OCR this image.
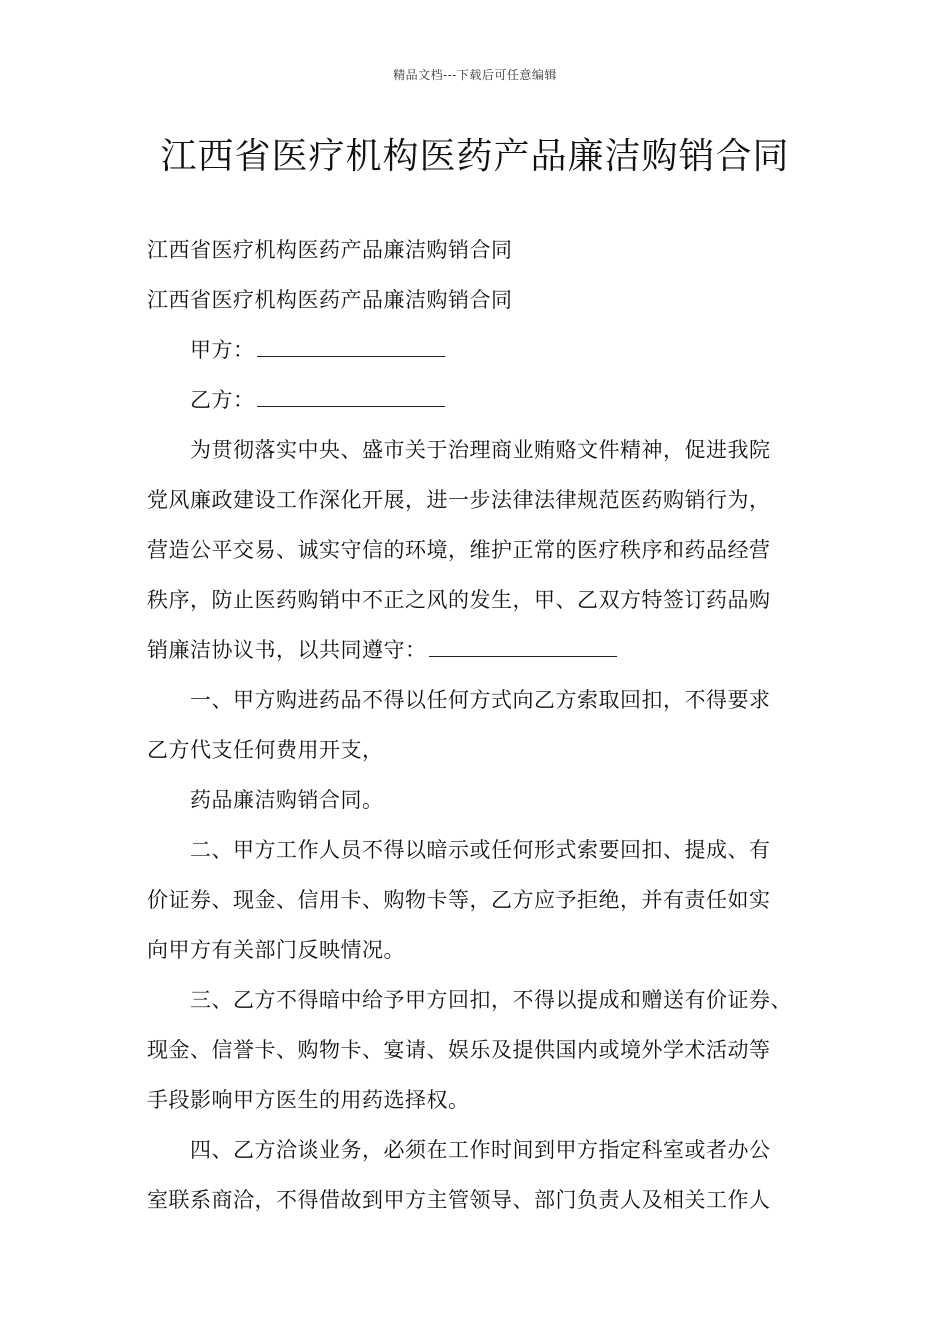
精品文档---下载后可任意编辑
江西省医疗机构医药产品廉洁购销合同
江西省医疗机构医药产品廉洁购销合同
江西省医疗机构医药产品廉洁购销合同
甲方：
乙方：
为贯彻落实中央、盛市关于治理商业贿赂文件精神，促进我院
党风廉政建设工作深化开展，进一步法律法律规范医药购销行为，
营造公平交易、诚实守信的环境，维护正常的医疗秩序和药品经营
秩序，防止医药购销中不正之风的发生，甲、乙双方特签订药品购
销廉洁协议书，以共同遵守：
一、甲方购进药品不得以任何方式向乙方索取回扣，不得要求
乙方代支任何费用开支，
药品廉洁购销合同。
二、甲方工作人员不得以暗示或任何形式索要回扣、提成、有
价证券、现金、信用卡、购物卡等，乙方应予拒绝，并有责任如实
向甲方有关部门反映情况。
三、乙方不得暗中给予甲方回扣，不得以提成和赠送有价证券、
现金、信誉卡、购物卡、宴请、娱乐及提供国内或境外学术活动等
手段影响甲方医生的用药选择权。
四、乙方洽谈业务，必须在工作时间到甲方指定科室或者办公
室联系商洽，不得借故到甲方主管领导、部门负责人及相关工作人
